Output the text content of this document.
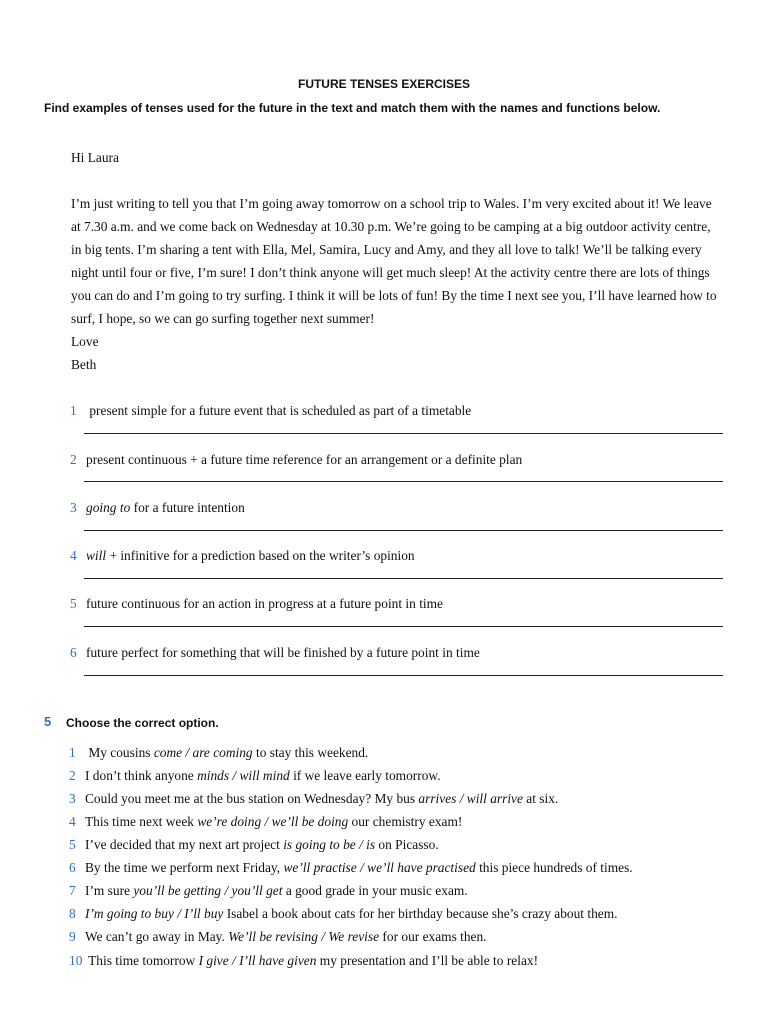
FUTURE TENSES EXERCISES
Find examples of tenses used for the future in the text and match them with the names and functions below.
Hi Laura
I’m just writing to tell you that I’m going away tomorrow on a school trip to Wales. I’m very excited about it! We leave at 7.30 a.m. and we come back on Wednesday at 10.30 p.m. We’re going to be camping at a big outdoor activity centre, in big tents. I’m sharing a tent with Ella, Mel, Samira, Lucy and Amy, and they all love to talk! We’ll be talking every night until four or five, I’m sure! I don’t think anyone will get much sleep! At the activity centre there are lots of things you can do and I’m going to try surfing. I think it will be lots of fun! By the time I next see you, I’ll have learned how to surf, I hope, so we can go surfing together next summer!
Love
Beth
1 present simple for a future event that is scheduled as part of a timetable
2 present continuous + a future time reference for an arrangement or a definite plan
3 going to for a future intention
4 will + infinitive for a prediction based on the writer’s opinion
5 future continuous for an action in progress at a future point in time
6 future perfect for something that will be finished by a future point in time
5 Choose the correct option.
1 My cousins come / are coming to stay this weekend.
2 I don’t think anyone minds / will mind if we leave early tomorrow.
3 Could you meet me at the bus station on Wednesday? My bus arrives / will arrive at six.
4 This time next week we’re doing / we’ll be doing our chemistry exam!
5 I’ve decided that my next art project is going to be / is on Picasso.
6 By the time we perform next Friday, we’ll practise / we’ll have practised this piece hundreds of times.
7 I’m sure you’ll be getting / you’ll get a good grade in your music exam.
8 I’m going to buy / I’ll buy Isabel a book about cats for her birthday because she’s crazy about them.
9 We can’t go away in May. We’ll be revising / We revise for our exams then.
10 This time tomorrow I give / I’ll have given my presentation and I’ll be able to relax!
